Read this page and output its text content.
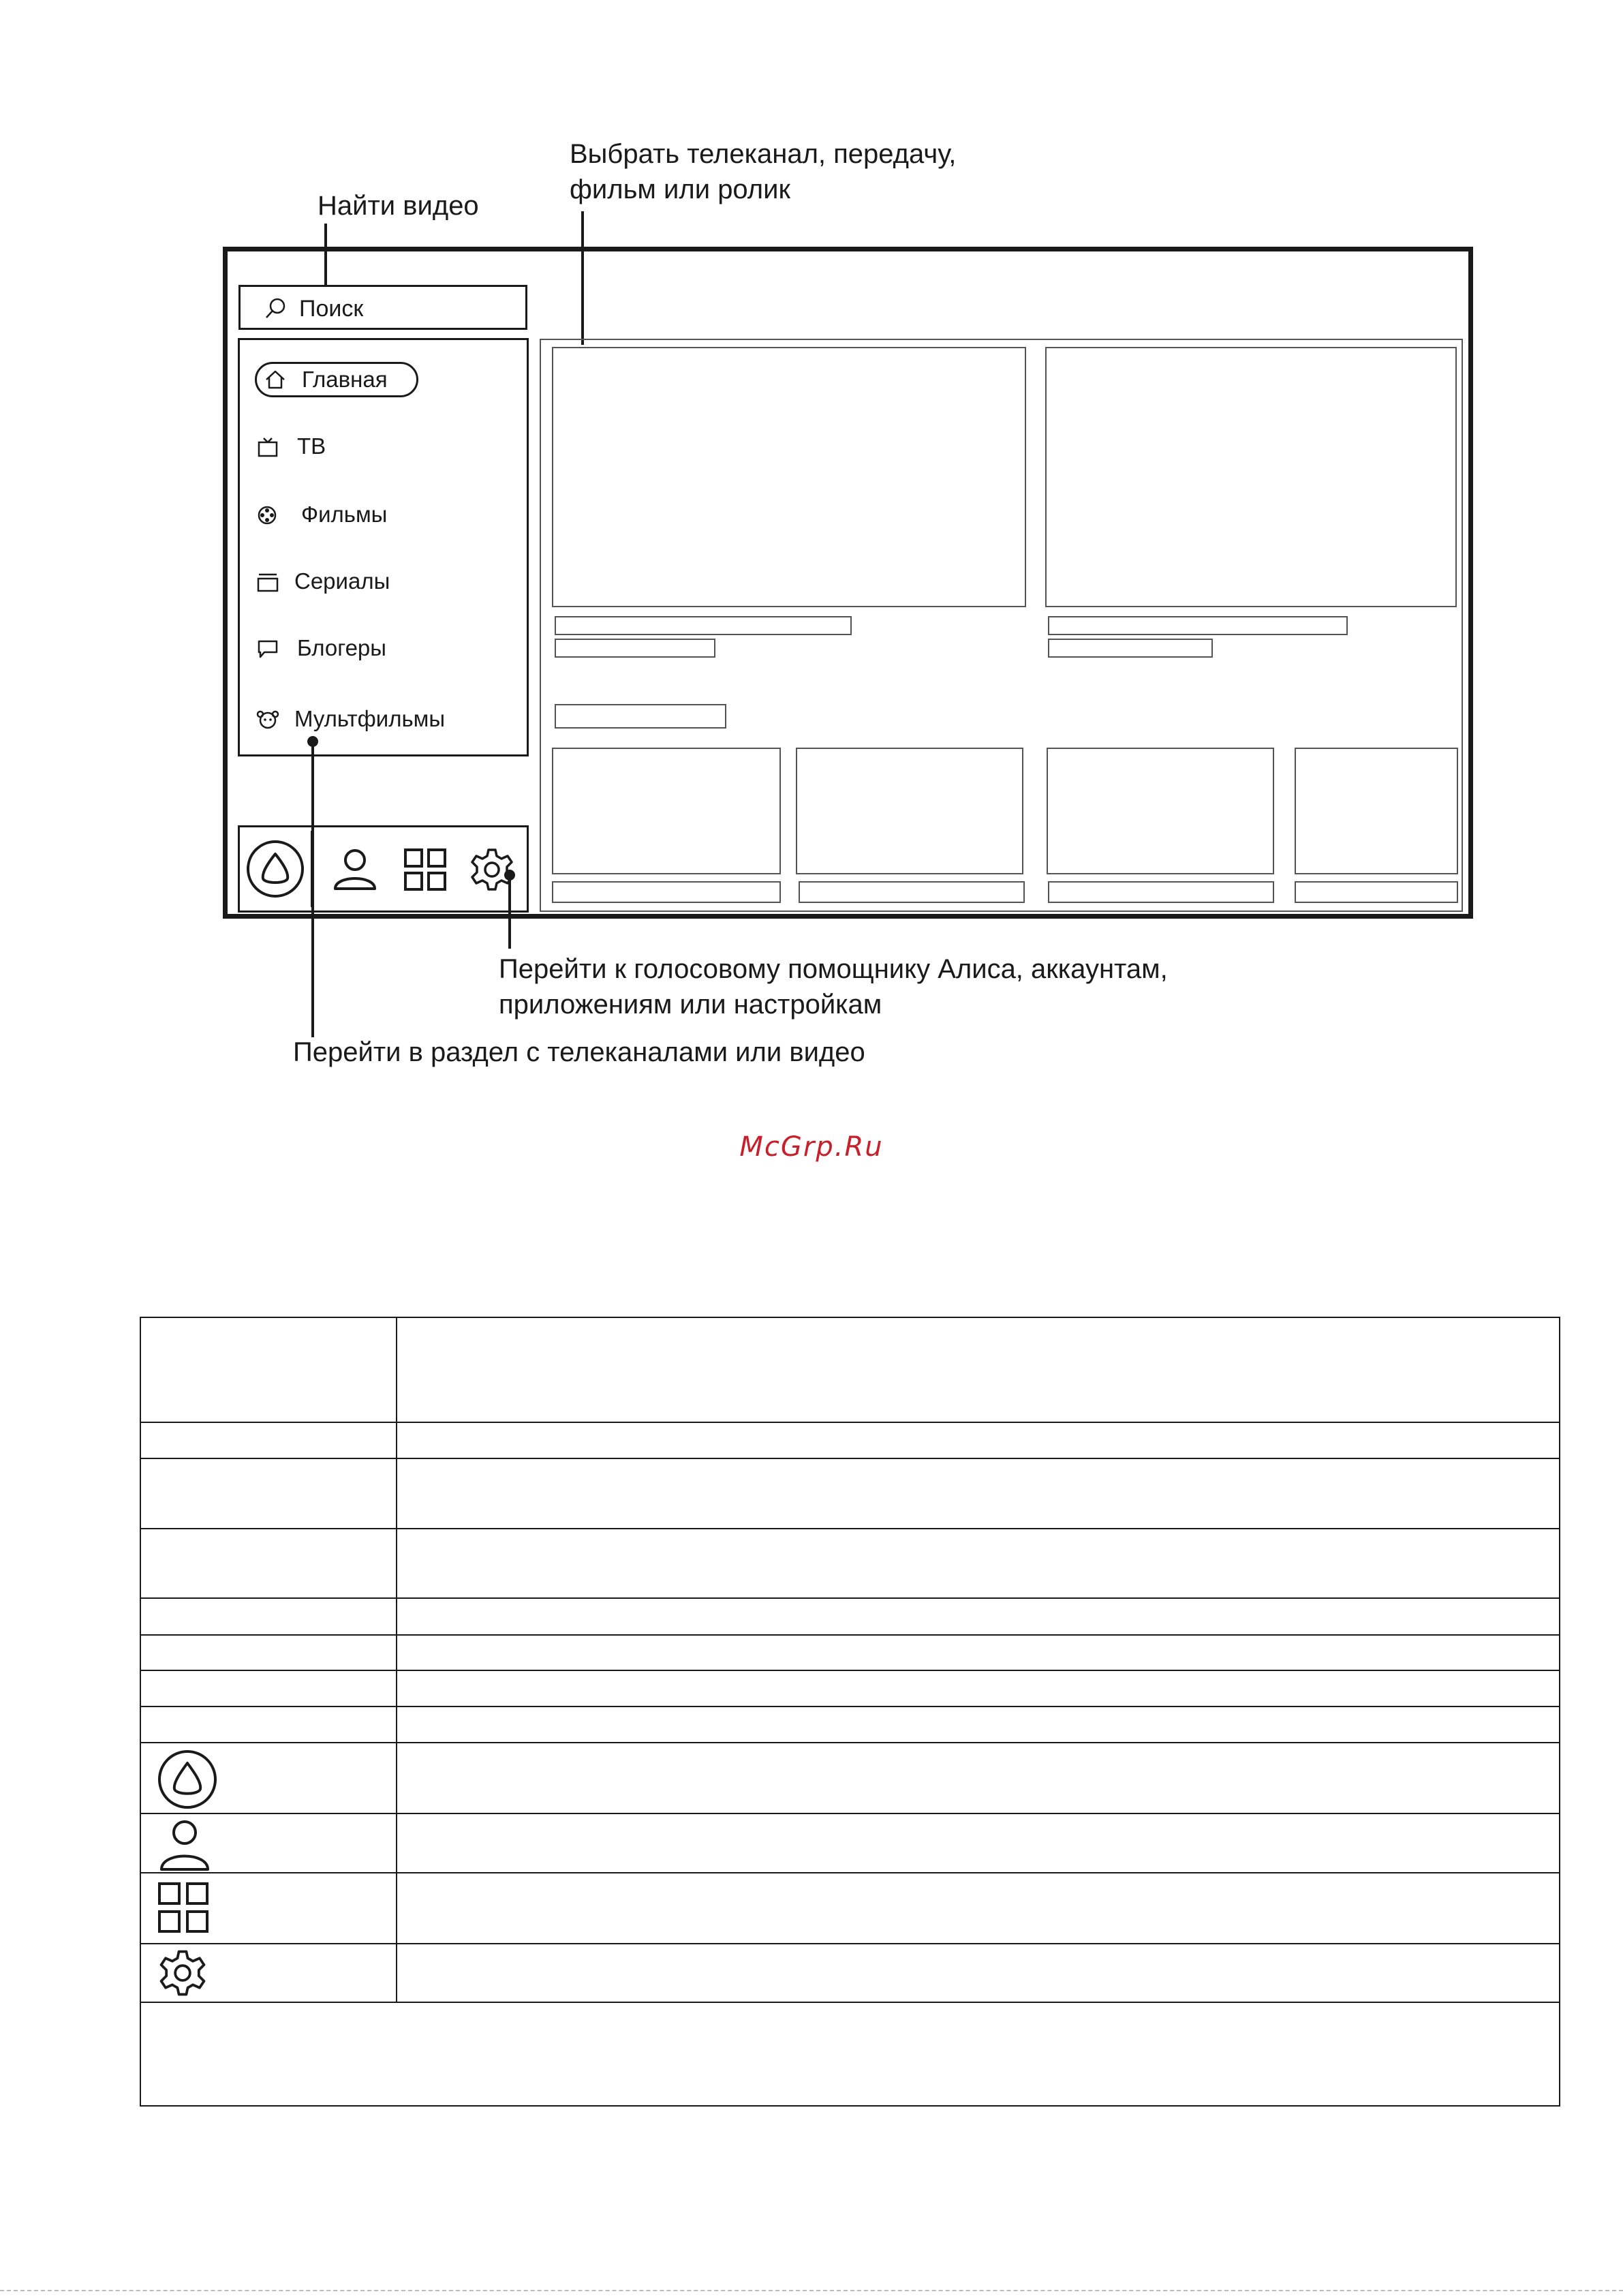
Выбрать телеканал, передачу,
фильм или ролик
Найти видео
Поиск
Главная
ТВ
Фильмы
Сериалы
Блогеры
Мультфильмы
Перейти к голосовому помощнику Алиса, аккаунтам,
приложениям или настройкам
Перейти в раздел с телеканалами или видео
McGrp.Ru
